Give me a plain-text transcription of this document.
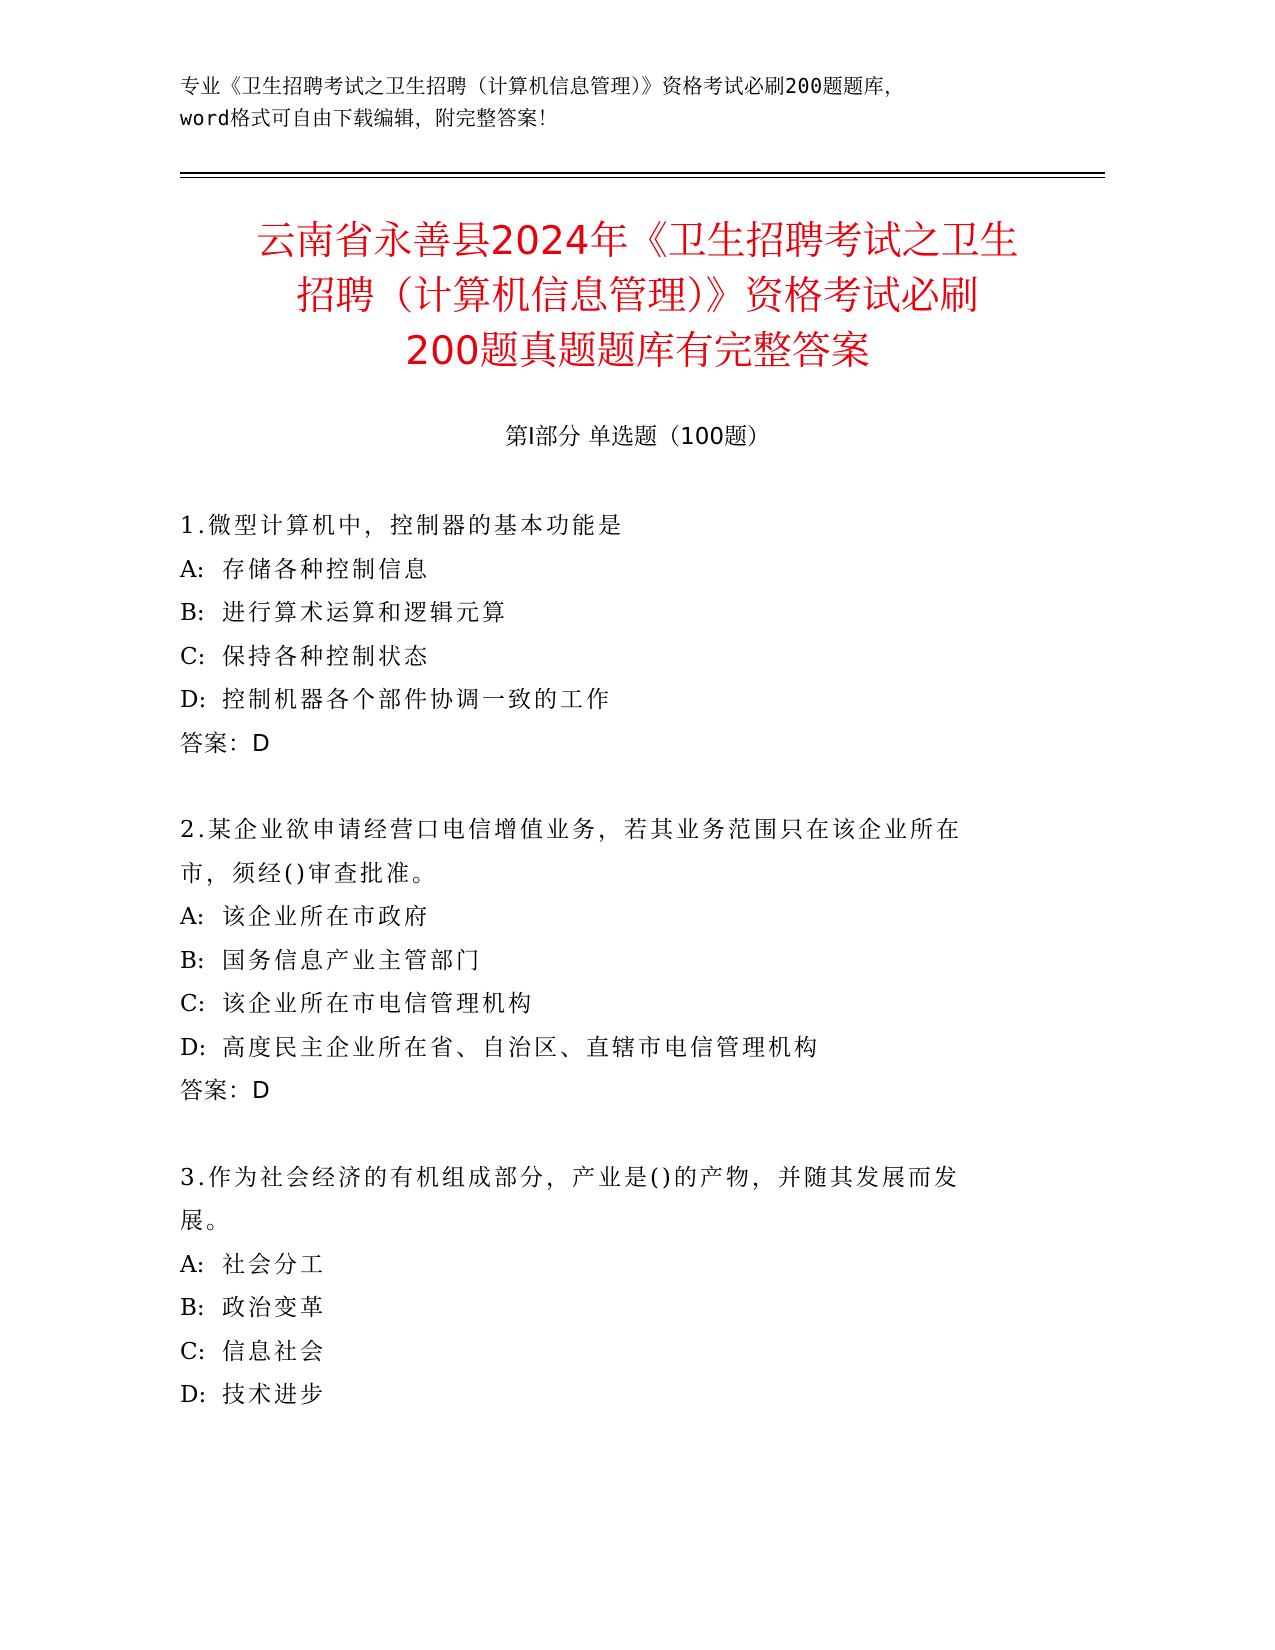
专业《卫生招聘考试之卫生招聘（计算机信息管理）》资格考试必刷200题题库，
word格式可自由下载编辑，附完整答案！
云南省永善县2024年《卫生招聘考试之卫生
招聘（计算机信息管理）》资格考试必刷
200题真题题库有完整答案
第Ⅰ部分 单选题（100题）
1.微型计算机中，控制器的基本功能是
A: 存储各种控制信息
B: 进行算术运算和逻辑元算
C: 保持各种控制状态
D: 控制机器各个部件协调一致的工作
答案：D
2.某企业欲申请经营口电信增值业务，若其业务范围只在该企业所在
市，须经()审查批准。
A: 该企业所在市政府
B: 国务信息产业主管部门
C: 该企业所在市电信管理机构
D: 高度民主企业所在省、自治区、直辖市电信管理机构
答案：D
3.作为社会经济的有机组成部分，产业是()的产物，并随其发展而发
展。
A: 社会分工
B: 政治变革
C: 信息社会
D: 技术进步
